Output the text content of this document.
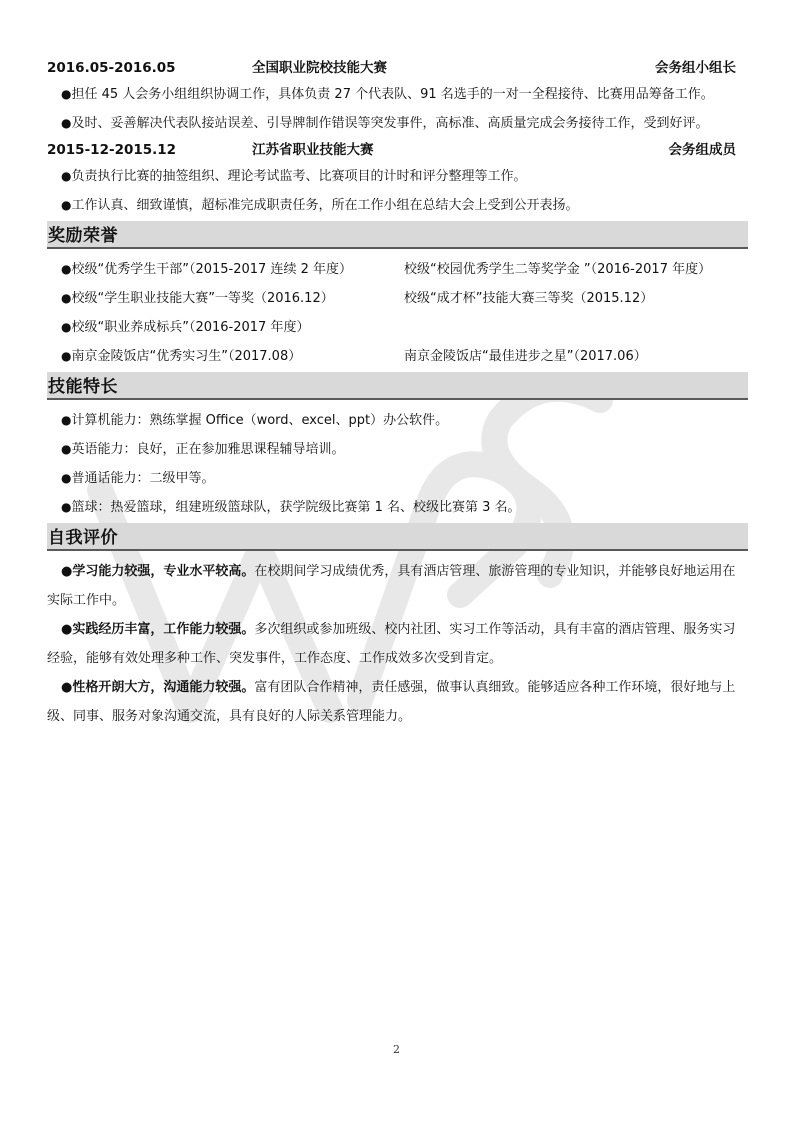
2016.05-2016.05	全国职业院校技能大赛	会务组小组长
●担任 45 人会务小组组织协调工作，具体负责 27 个代表队、91 名选手的一对一全程接待、比赛用品筹备工作。
●及时、妥善解决代表队接站误差、引导牌制作错误等突发事件，高标准、高质量完成会务接待工作，受到好评。
2015-12-2015.12	江苏省职业技能大赛	会务组成员
●负责执行比赛的抽签组织、理论考试监考、比赛项目的计时和评分整理等工作。
●工作认真、细致谨慎，超标准完成职责任务，所在工作小组在总结大会上受到公开表扬。
奖励荣誉
●校级“优秀学生干部”（2015-2017 连续 2 年度）	校级“校园优秀学生二等奖学金 ”（2016-2017 年度）
●校级“学生职业技能大赛”一等奖（2016.12）	校级“成才杯”技能大赛三等奖（2015.12）
●校级“职业养成标兵”（2016-2017 年度）
●南京金陵饭店“优秀实习生”（2017.08）	南京金陵饭店“最佳进步之星”（2017.06）
技能特长
●计算机能力：熟练掌握 Office（word、excel、ppt）办公软件。
●英语能力：良好，正在参加雅思课程辅导培训。
●普通话能力：二级甲等。
●篮球：热爱篮球，组建班级篮球队，获学院级比赛第 1 名、校级比赛第 3 名。
自我评价
●学习能力较强，专业水平较高。在校期间学习成绩优秀，具有酒店管理、旅游管理的专业知识，并能够良好地运用在实际工作中。
●实践经历丰富，工作能力较强。多次组织或参加班级、校内社团、实习工作等活动，具有丰富的酒店管理、服务实习经验，能够有效处理多种工作、突发事件，工作态度、工作成效多次受到肯定。
●性格开朗大方，沟通能力较强。富有团队合作精神，责任感强，做事认真细致。能够适应各种工作环境，很好地与上级、同事、服务对象沟通交流，具有良好的人际关系管理能力。
2
